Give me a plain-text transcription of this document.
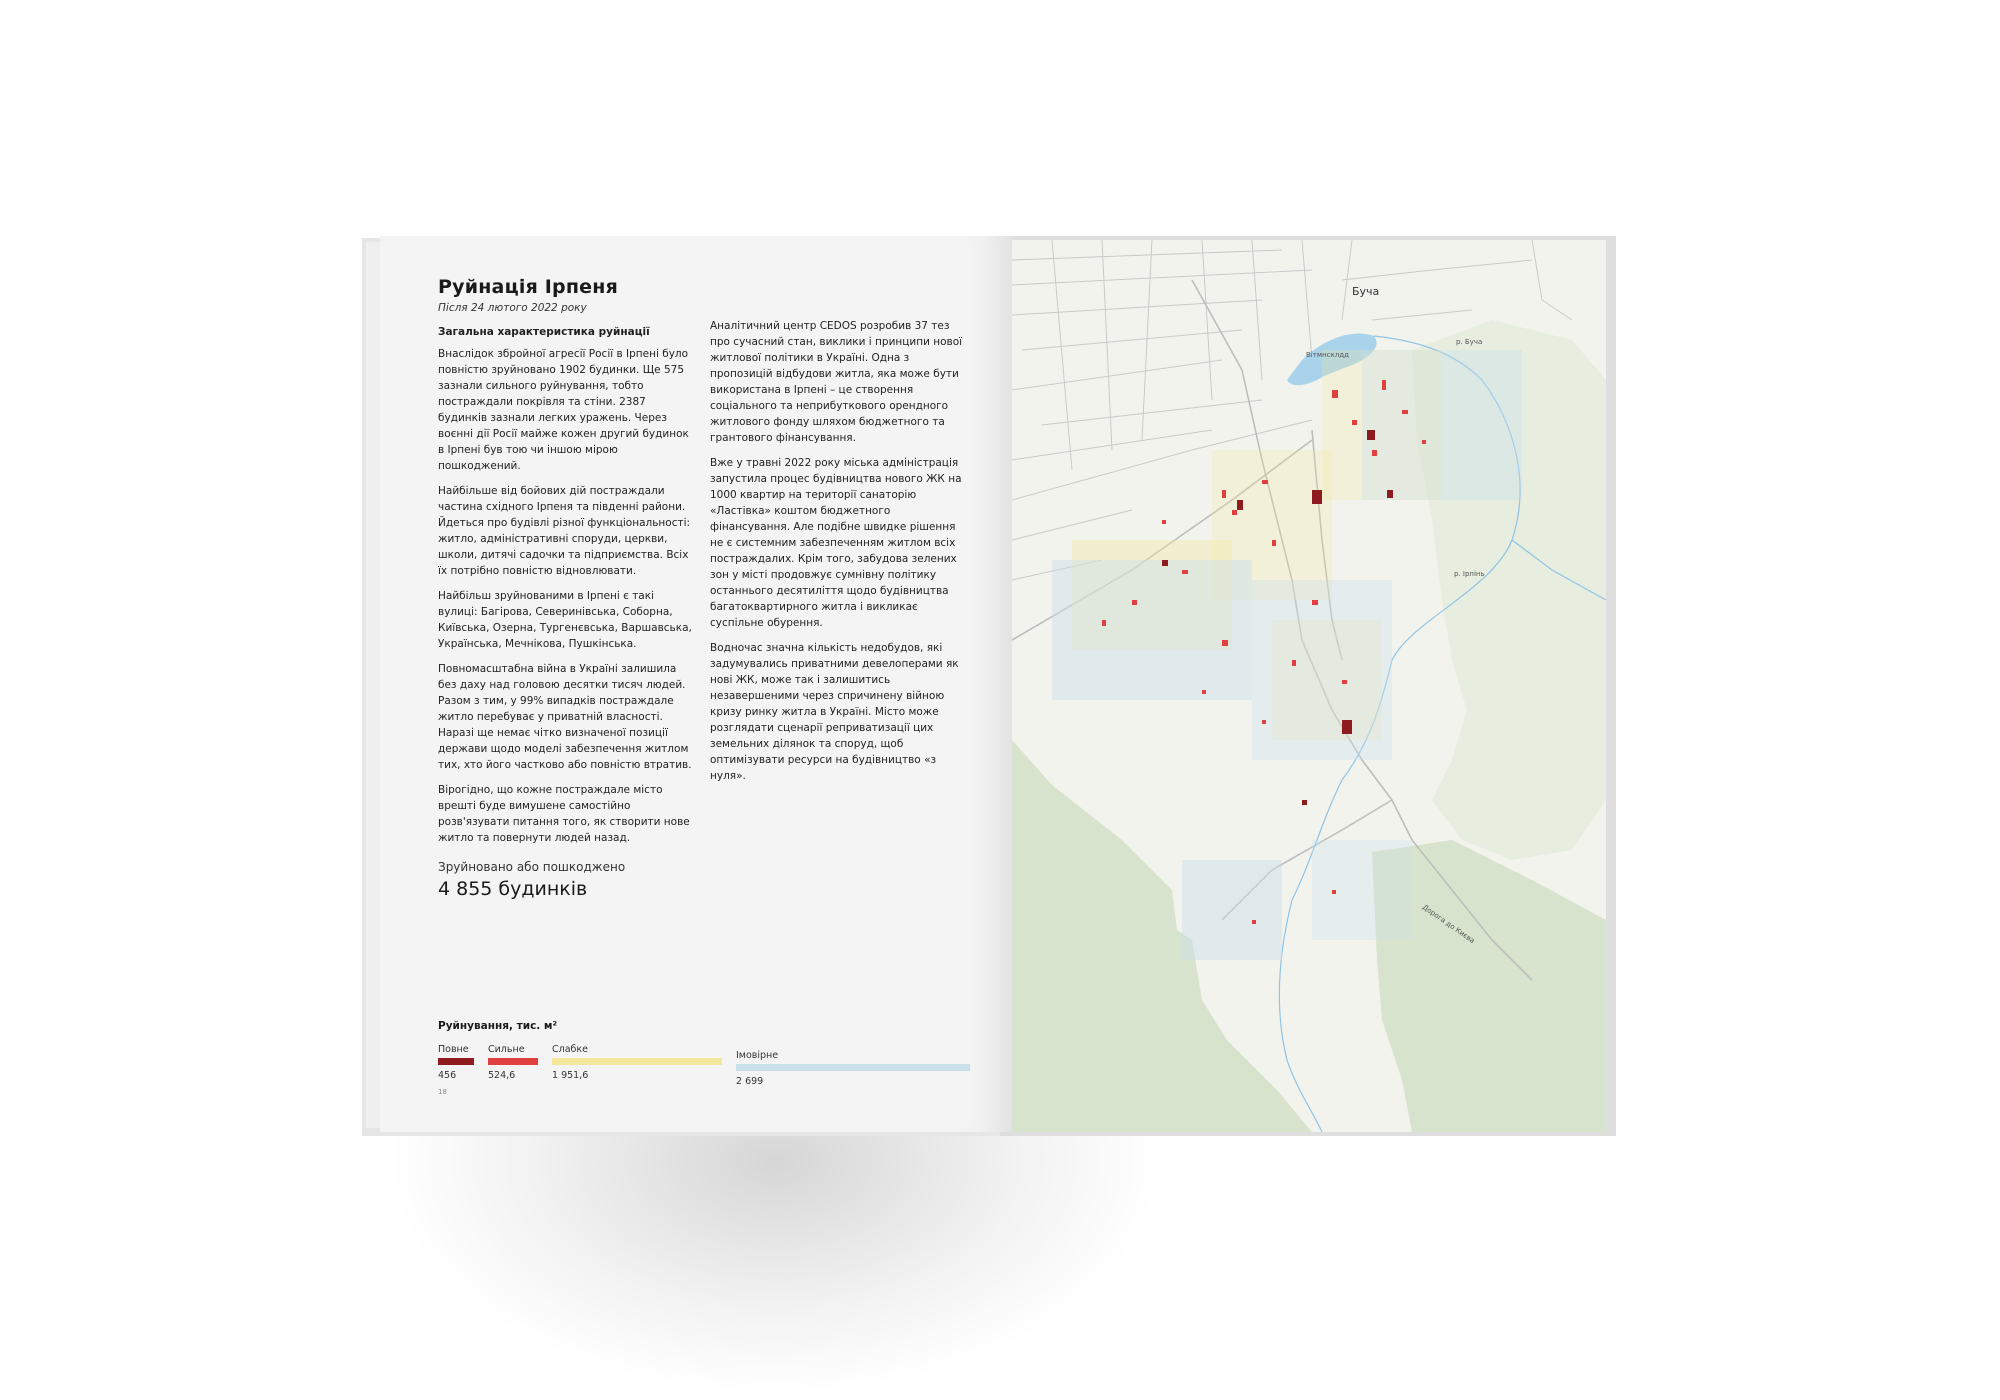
Руйнація Ірпеня
Після 24 лютого 2022 року
Загальна характеристика руйнації

Внаслідок збройної агресії Росії в Ірпені було повністю зруйновано 1902 будинки. Ще 575 зазнали сильного руйнування, тобто постраждали покрівля та стіни. 2387 будинків зазнали легких уражень. Через воєнні дії Росії майже кожен другий будинок в Ірпені був тою чи іншою мірою пошкоджений.

Найбільше від бойових дій постраждали частина східного Ірпеня та південні райони. Йдеться про будівлі різної функціональності: житло, адміністративні споруди, церкви, школи, дитячі садочки та підприємства. Всіх їх потрібно повністю відновлювати.

Найбільш зруйнованими в Ірпені є такі вулиці: Багірова, Северинівська, Соборна, Київська, Озерна, Тургенєвська, Варшавська, Українська, Мечнікова, Пушкінська.

Повномасштабна війна в Україні залишила без даху над головою десятки тисяч людей. Разом з тим, у 99% випадків постраждале житло перебуває у приватній власності. Наразі ще немає чітко визначеної позиції держави щодо моделі забезпечення житлом тих, хто його частково або повністю втратив.

Вірогідно, що кожне постраждале місто врешті буде вимушене самостійно розв'язувати питання того, як створити нове житло та повернути людей назад.

Аналітичний центр CEDOS розробив 37 тез про сучасний стан, виклики і принципи нової житлової політики в Україні. Одна з пропозицій відбудови житла, яка може бути використана в Ірпені – це створення соціального та неприбуткового орендного житлового фонду шляхом бюджетного та грантового фінансування.

Вже у травні 2022 року міська адміністрація запустила процес будівництва нового ЖК на 1000 квартир на території санаторію «Ластівка» коштом бюджетного фінансування. Але подібне швидке рішення не є системним забезпеченням житлом всіх постраждалих. Крім того, забудова зелених зон у місті продовжує сумнівну політику останнього десятиліття щодо будівництва багатоквартирного житла і викликає суспільне обурення.

Водночас значна кількість недобудов, які задумувались приватними девелоперами як нові ЖК, може так і залишитись незавершеними через спричинену війною кризу ринку житла в Україні. Місто може розглядати сценарії реприватизації цих земельних ділянок та споруд, щоб оптимізувати ресурси на будівництво «з нуля».

Зруйновано або пошкоджено
4 855 будинків
Руйнування, тис. м²
Повне
456
Сильне
524,6
Слабке
1 951,6
Імовірне
2 699
18
Буча
Вітмнсклдд
р. Буча
р. Ірпінь
Дорога до Києва
